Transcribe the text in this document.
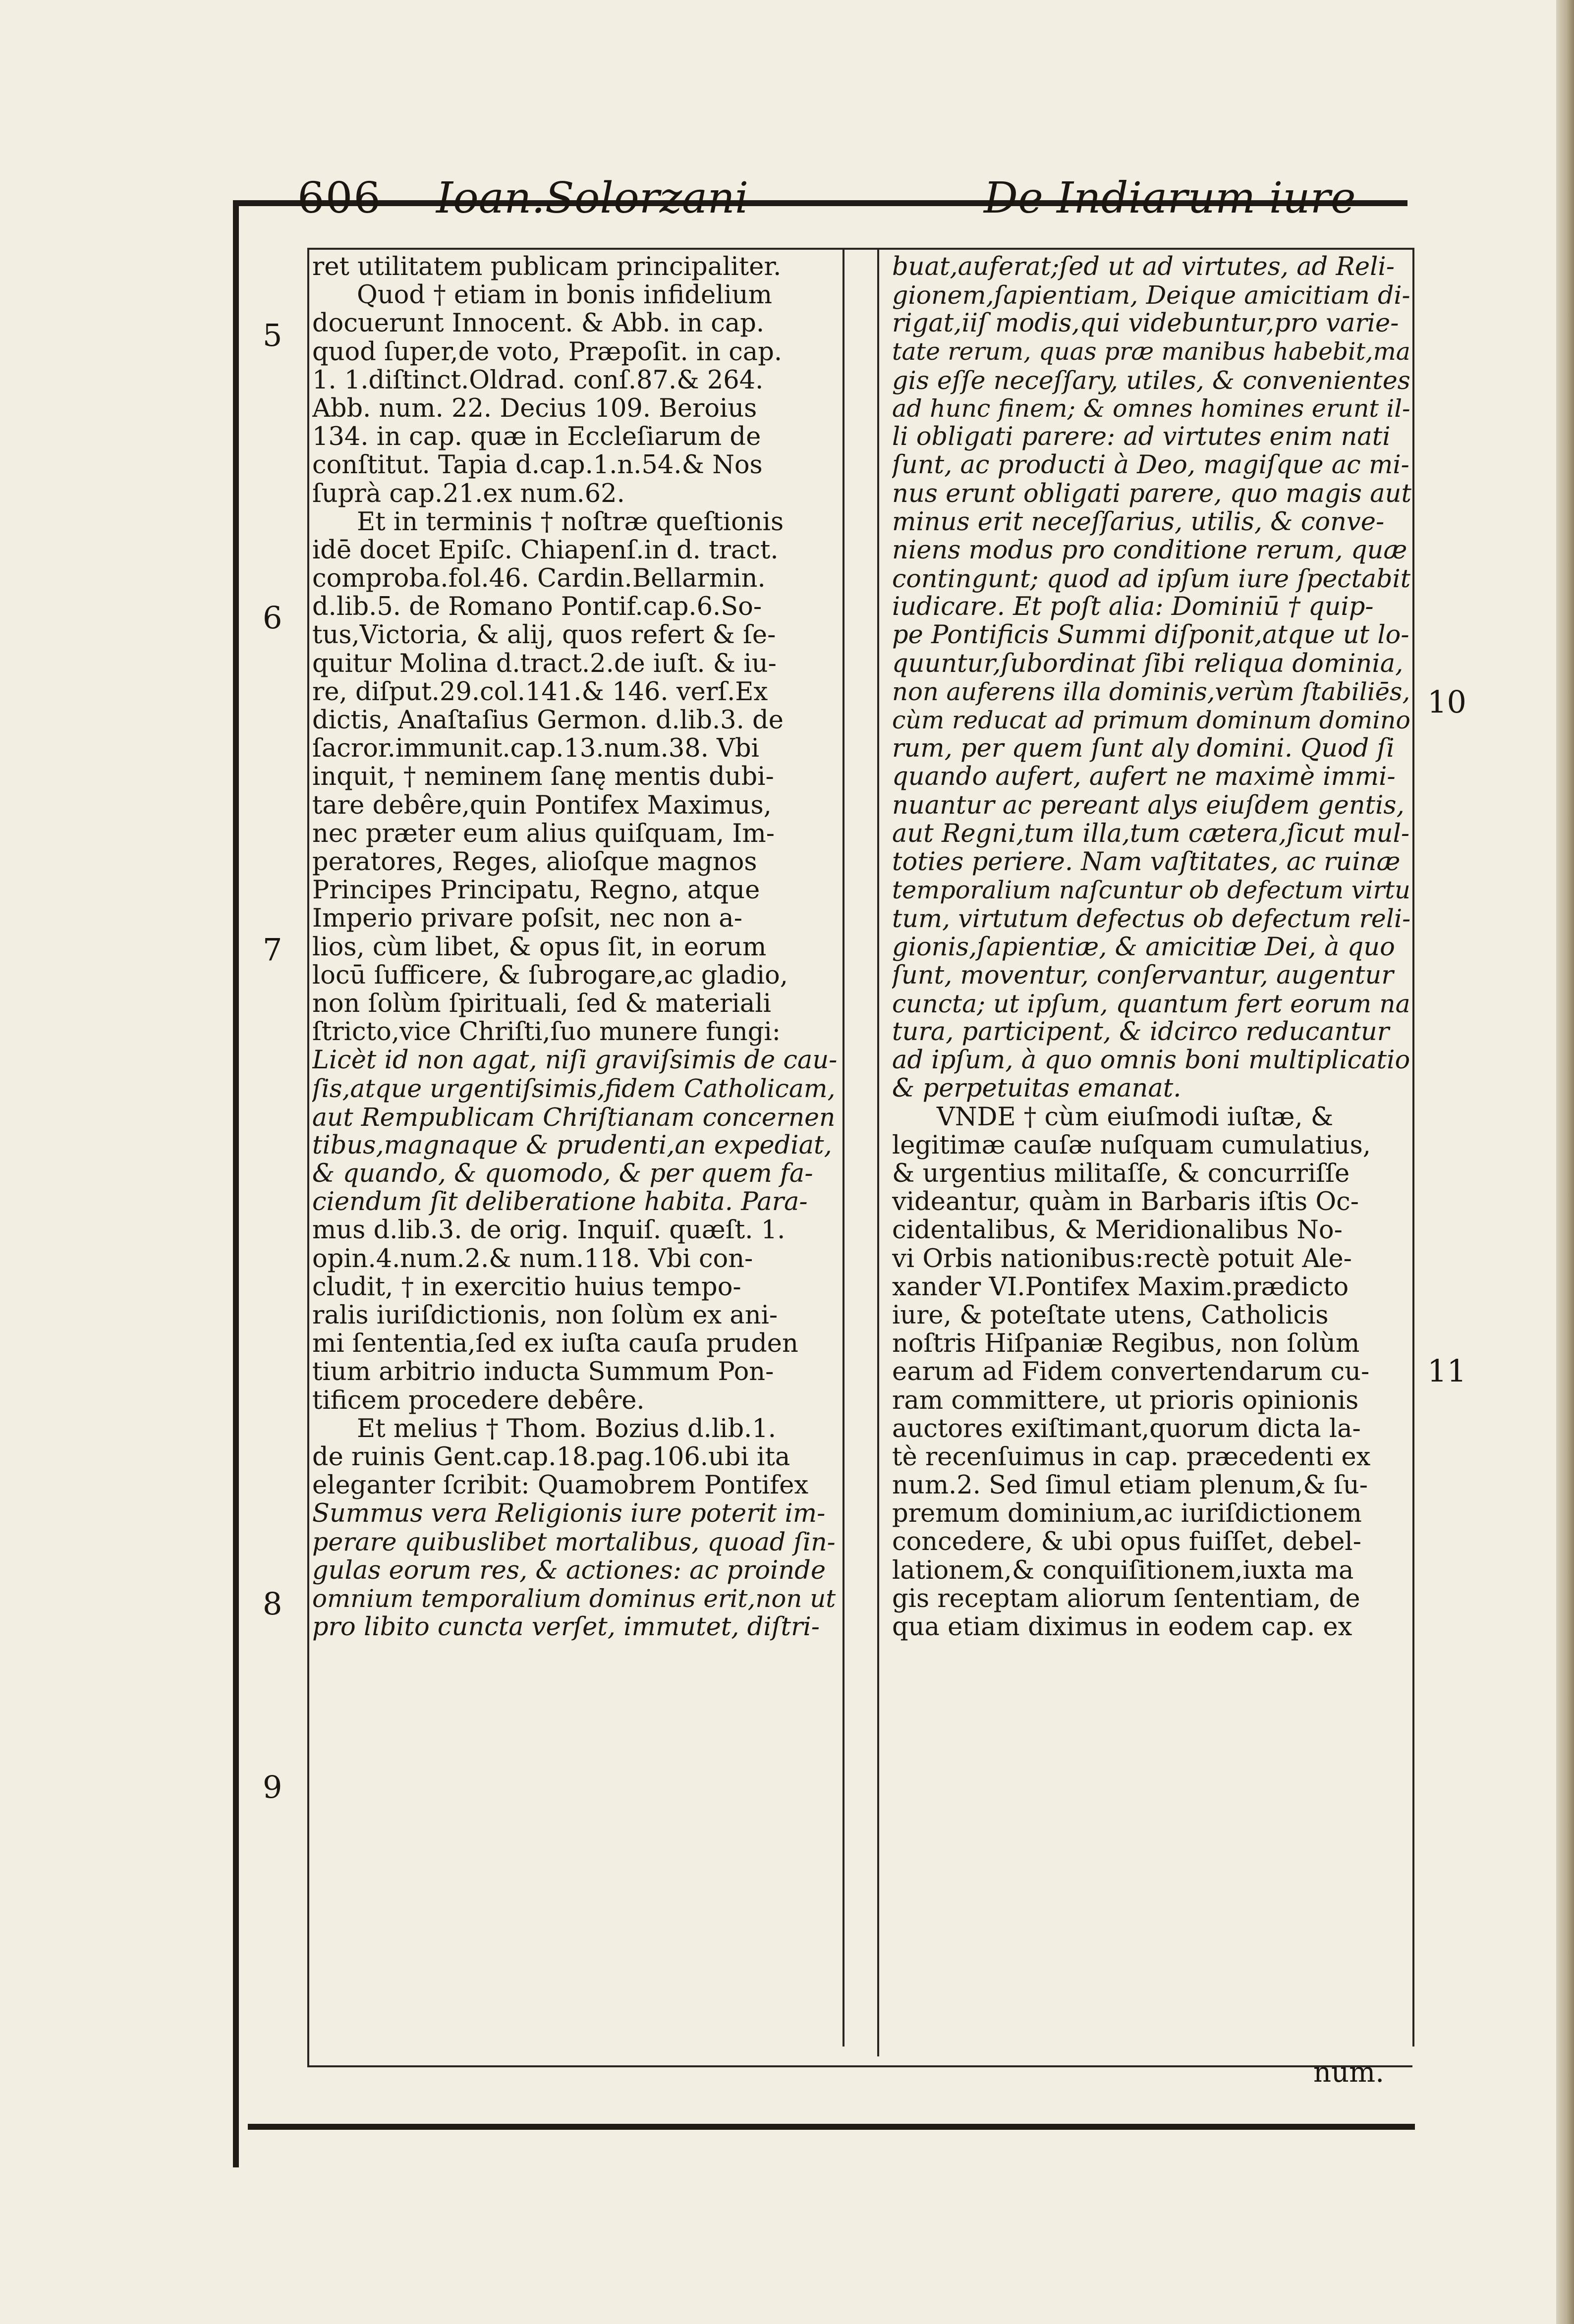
606 Ioan.Solorzani	De Indiarum iure
5
6
7
8
9
10
11
ret utilitatem publicam principaliter.
Quod † etiam in bonis infidelium
docuerunt Innocent. & Abb. in cap.
quod ſuper,de voto, Præpoſit. in cap.
1. 1.diſtinct.Oldrad. conſ.87.& 264.
Abb. num. 22. Decius 109. Beroius
134. in cap. quæ in Eccleſiarum de
conſtitut. Tapia d.cap.1.n.54.& Nos
ſuprà cap.21.ex num.62.
Et in terminis † noſtræ queſtionis
idē docet Epiſc. Chiapenſ.in d. tract.
comproba.fol.46. Cardin.Bellarmin.
d.lib.5. de Romano Pontif.cap.6.So-
tus,Victoria, & alij, quos refert & ſe-
quitur Molina d.tract.2.de iuſt. & iu-
re, diſput.29.col.141.& 146. verſ.Ex
dictis, Anaſtaſius Germon. d.lib.3. de
ſacror.immunit.cap.13.num.38. Vbi
inquit, † neminem ſanę mentis dubi-
tare debêre,quin Pontifex Maximus,
nec præter eum alius quiſquam, Im-
peratores, Reges, alioſque magnos
Principes Principatu, Regno, atque
Imperio privare poſsit, nec non a-
lios, cùm libet, & opus ſit, in eorum
locū ſufficere, & ſubrogare,ac gladio,
non ſolùm ſpirituali, ſed & materiali
ſtricto,vice Chriſti,ſuo munere fungi:
Licèt id non agat, niſi graviſsimis de cau-
ſis,atque urgentiſsimis,fidem Catholicam,
aut Rempublicam Chriſtianam concernen
tibus,magnaque & prudenti,an expediat,
& quando, & quomodo, & per quem fa-
ciendum ſit deliberatione habita. Para-
mus d.lib.3. de orig. Inquiſ. quæſt. 1.
opin.4.num.2.& num.118. Vbi con-
cludit, † in exercitio huius tempo-
ralis iuriſdictionis, non ſolùm ex ani-
mi ſententia,ſed ex iuſta cauſa pruden
tium arbitrio inducta Summum Pon-
tificem procedere debêre.
Et melius † Thom. Bozius d.lib.1.
de ruinis Gent.cap.18.pag.106.ubi ita
eleganter ſcribit: Quamobrem Pontifex
Summus vera Religionis iure poterit im-
perare quibuslibet mortalibus, quoad ſin-
gulas eorum res, & actiones: ac proinde
omnium temporalium dominus erit,non ut
pro libito cuncta verſet, immutet, diſtri-
buat,auferat;ſed ut ad virtutes, ad Reli-
gionem,ſapientiam, Deique amicitiam di-
rigat,iiſ modis,qui videbuntur,pro varie-
tate rerum, quas præ manibus habebit,ma
gis eſſe neceſſary, utiles, & convenientes
ad hunc finem; & omnes homines erunt il-
li obligati parere: ad virtutes enim nati
ſunt, ac producti à Deo, magiſque ac mi-
nus erunt obligati parere, quo magis aut
minus erit neceſſarius, utilis, & conve-
niens modus pro conditione rerum, quæ
contingunt; quod ad ipſum iure ſpectabit
iudicare. Et poſt alia: Dominiū † quip-
pe Pontificis Summi diſponit,atque ut lo-
quuntur,ſubordinat ſibi reliqua dominia,
non auferens illa dominis,verùm ſtabiliēs,
cùm reducat ad primum dominum domino
rum, per quem ſunt aly domini. Quod ſi
quando aufert, aufert ne maximè immi-
nuantur ac pereant alys eiuſdem gentis,
aut Regni,tum illa,tum cætera,ſicut mul-
toties periere. Nam vaſtitates, ac ruinæ
temporalium naſcuntur ob defectum virtu
tum, virtutum defectus ob defectum reli-
gionis,ſapientiæ, & amicitiæ Dei, à quo
ſunt, moventur, conſervantur, augentur
cuncta; ut ipſum, quantum fert eorum na
tura, participent, & idcirco reducantur
ad ipſum, à quo omnis boni multiplicatio
& perpetuitas emanat.
VNDE † cùm eiuſmodi iuſtæ, &
legitimæ cauſæ nuſquam cumulatius,
& urgentius militaſſe, & concurriſſe
videantur, quàm in Barbaris iſtis Oc-
cidentalibus, & Meridionalibus No-
vi Orbis nationibus:rectè potuit Ale-
xander VI.Pontifex Maxim.prædicto
iure, & poteſtate utens, Catholicis
noſtris Hiſpaniæ Regibus, non ſolùm
earum ad Fidem convertendarum cu-
ram committere, ut prioris opinionis
auctores exiſtimant,quorum dicta la-
tè recenſuimus in cap. præcedenti ex
num.2. Sed ſimul etiam plenum,& ſu-
premum dominium,ac iuriſdictionem
concedere, & ubi opus fuiſſet, debel-
lationem,& conquiſitionem,iuxta ma
gis receptam aliorum ſententiam, de
qua etiam diximus in eodem cap. ex
num.
